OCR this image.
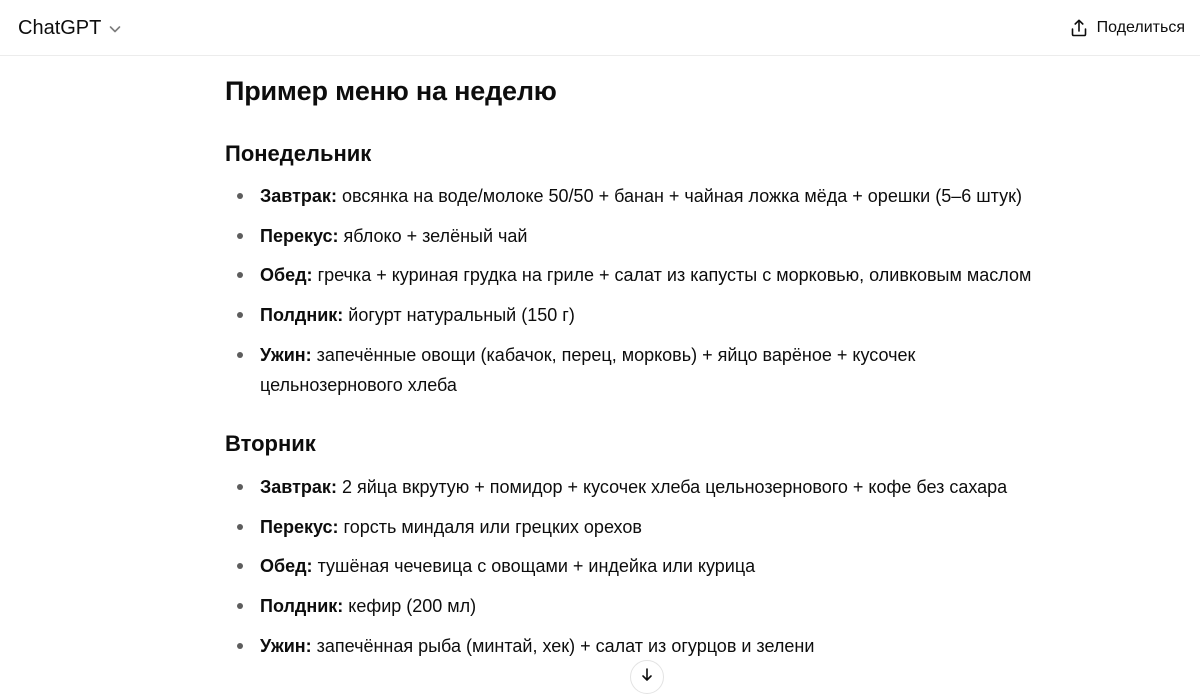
ChatGPT	Поделиться
Пример меню на неделю
Понедельник
Завтрак: овсянка на воде/молоке 50/50 + банан + чайная ложка мёда + орешки (5–6 штук)
Перекус: яблоко + зелёный чай
Обед: гречка + куриная грудка на гриле + салат из капусты с морковью, оливковым маслом
Полдник: йогурт натуральный (150 г)
Ужин: запечённые овощи (кабачок, перец, морковь) + яйцо варёное + кусочек цельнозернового хлеба
Вторник
Завтрак: 2 яйца вкрутую + помидор + кусочек хлеба цельнозернового + кофе без сахара
Перекус: горсть миндаля или грецких орехов
Обед: тушёная чечевица с овощами + индейка или курица
Полдник: кефир (200 мл)
Ужин: запечённая рыба (минтай, хек) + салат из огурцов и зелени
